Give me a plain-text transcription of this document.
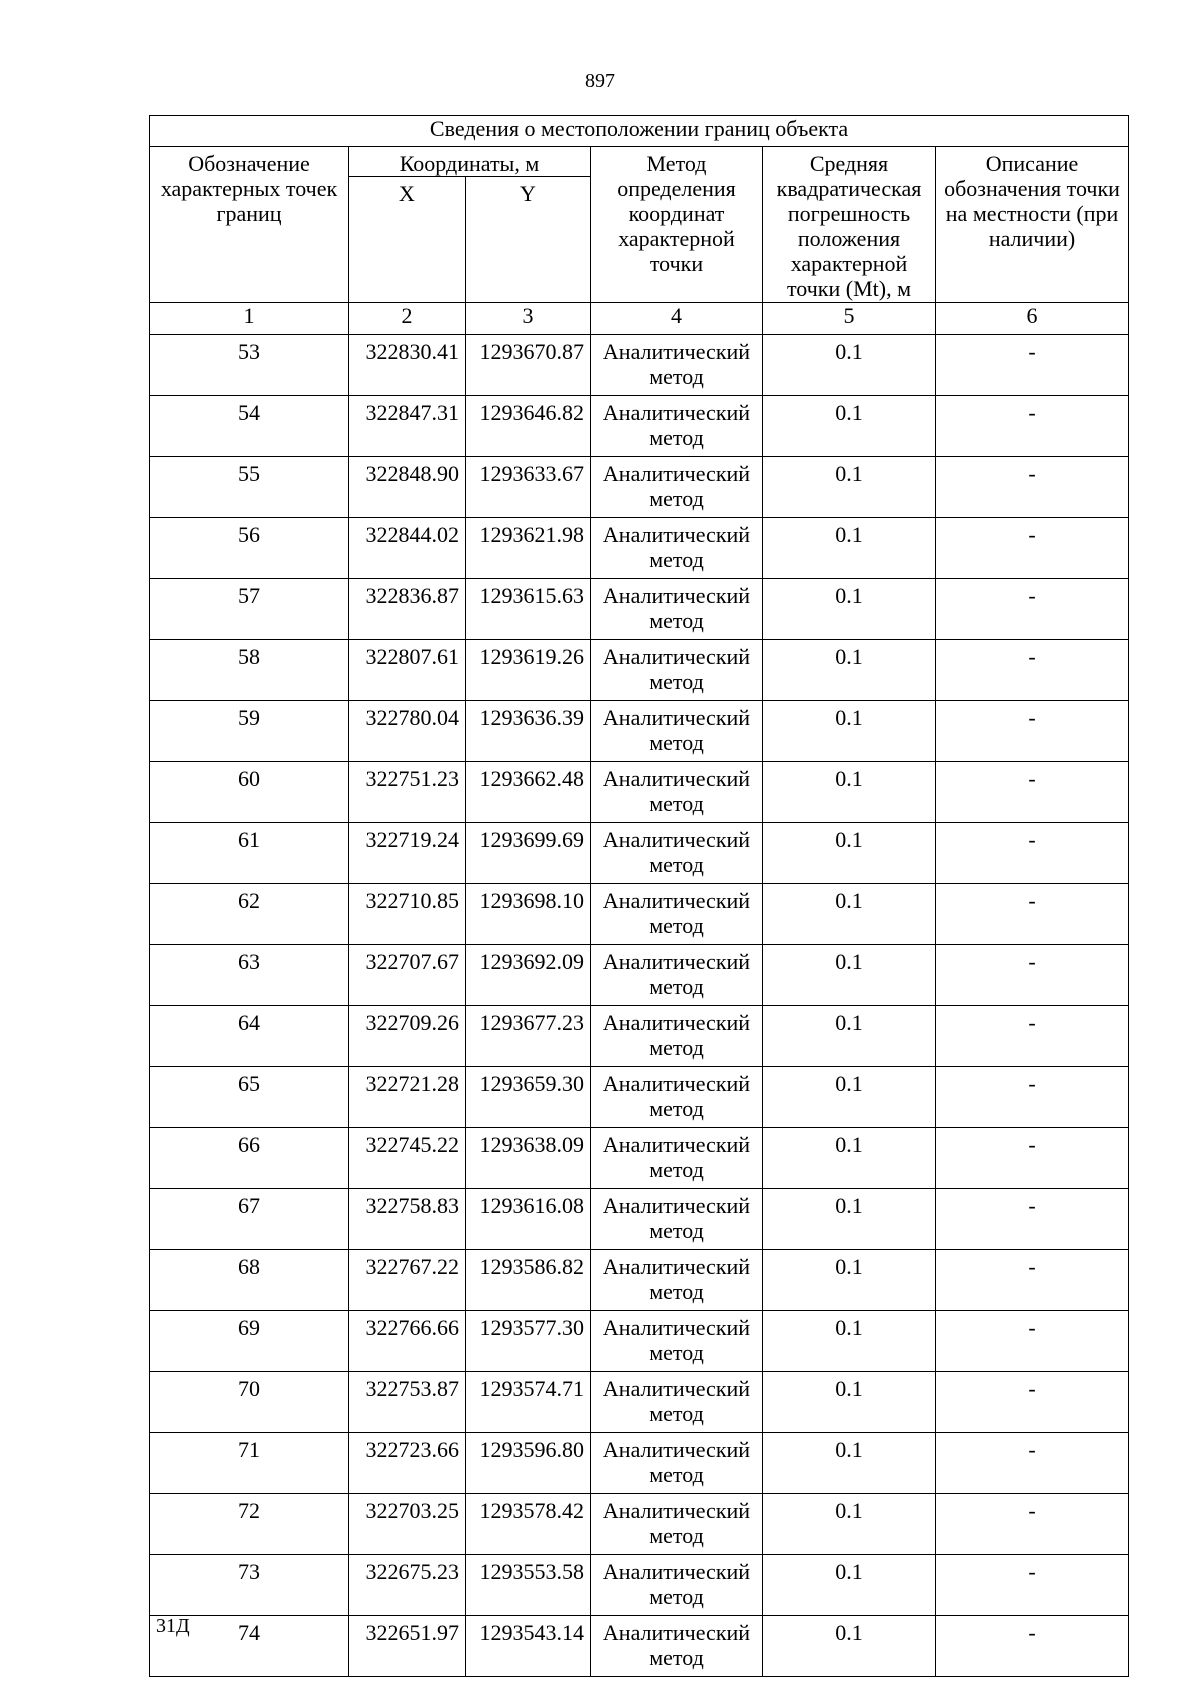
897
Сведения о местоположении границ объекта					
Обозначение характерных точек границ	Координаты, м		Метод определения координат характерной точки	Средняя квадратическая погрешность положения характерной точки (Mt), м	Описание обозначения точки на местности (при наличии)
	X	Y			
1	2	3	4	5	6
53	322830.41	1293670.87	Аналитический метод	0.1	-
54	322847.31	1293646.82	Аналитический метод	0.1	-
55	322848.90	1293633.67	Аналитический метод	0.1	-
56	322844.02	1293621.98	Аналитический метод	0.1	-
57	322836.87	1293615.63	Аналитический метод	0.1	-
58	322807.61	1293619.26	Аналитический метод	0.1	-
59	322780.04	1293636.39	Аналитический метод	0.1	-
60	322751.23	1293662.48	Аналитический метод	0.1	-
61	322719.24	1293699.69	Аналитический метод	0.1	-
62	322710.85	1293698.10	Аналитический метод	0.1	-
63	322707.67	1293692.09	Аналитический метод	0.1	-
64	322709.26	1293677.23	Аналитический метод	0.1	-
65	322721.28	1293659.30	Аналитический метод	0.1	-
66	322745.22	1293638.09	Аналитический метод	0.1	-
67	322758.83	1293616.08	Аналитический метод	0.1	-
68	322767.22	1293586.82	Аналитический метод	0.1	-
69	322766.66	1293577.30	Аналитический метод	0.1	-
70	322753.87	1293574.71	Аналитический метод	0.1	-
71	322723.66	1293596.80	Аналитический метод	0.1	-
72	322703.25	1293578.42	Аналитический метод	0.1	-
73	322675.23	1293553.58	Аналитический метод	0.1	-
74	322651.97	1293543.14	Аналитический метод	0.1	-
31Д
